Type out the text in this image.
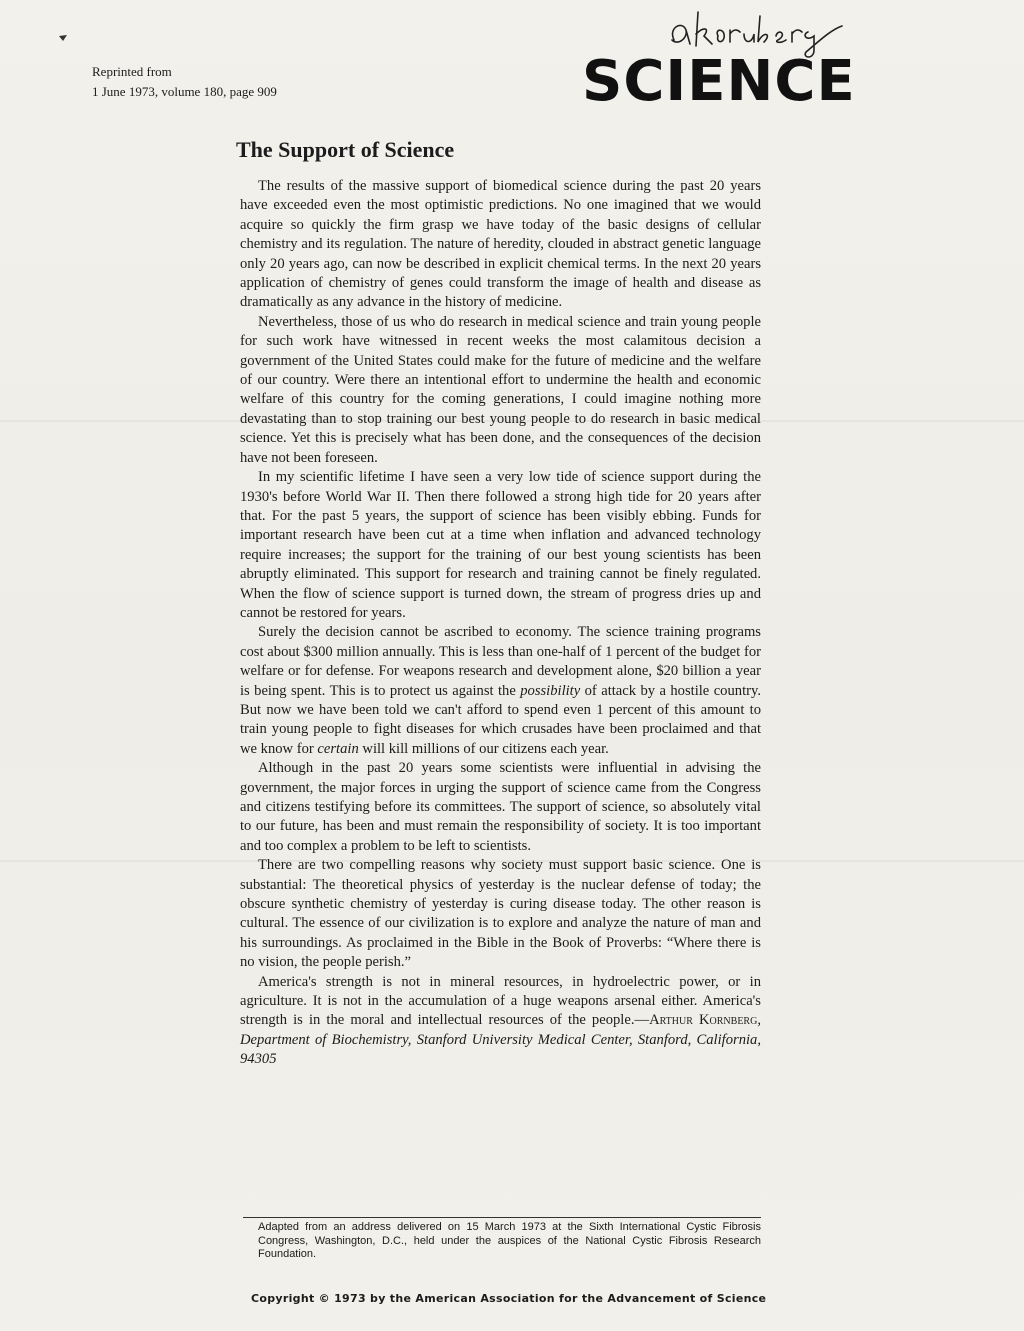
Reprinted from
1 June 1973, volume 180, page 909	SCIENCE
The Support of Science

The results of the massive support of biomedical science during the past 20 years have exceeded even the most optimistic predictions. No one imagined that we would acquire so quickly the firm grasp we have today of the basic designs of cellular chemistry and its regulation. The nature of heredity, clouded in abstract genetic language only 20 years ago, can now be described in explicit chemical terms. In the next 20 years application of chemistry of genes could transform the image of health and disease as dramatically as any advance in the history of medicine.

Nevertheless, those of us who do research in medical science and train young people for such work have witnessed in recent weeks the most calamitous decision a government of the United States could make for the future of medicine and the welfare of our country. Were there an intentional effort to undermine the health and economic welfare of this country for the coming generations, I could imagine nothing more devastating than to stop training our best young people to do research in basic medical science. Yet this is precisely what has been done, and the consequences of the decision have not been foreseen.

In my scientific lifetime I have seen a very low tide of science support during the 1930's before World War II. Then there followed a strong high tide for 20 years after that. For the past 5 years, the support of science has been visibly ebbing. Funds for important research have been cut at a time when inflation and advanced technology require increases; the support for the training of our best young scientists has been abruptly eliminated. This support for research and training cannot be finely regulated. When the flow of science support is turned down, the stream of progress dries up and cannot be restored for years.

Surely the decision cannot be ascribed to economy. The science training programs cost about $300 million annually. This is less than one-half of 1 percent of the budget for welfare or for defense. For weapons research and development alone, $20 billion a year is being spent. This is to protect us against the possibility of attack by a hostile country. But now we have been told we can't afford to spend even 1 percent of this amount to train young people to fight diseases for which crusades have been proclaimed and that we know for certain will kill millions of our citizens each year.

Although in the past 20 years some scientists were influential in advising the government, the major forces in urging the support of science came from the Congress and citizens testifying before its committees. The support of science, so absolutely vital to our future, has been and must remain the responsibility of society. It is too important and too complex a problem to be left to scientists.

There are two compelling reasons why society must support basic science. One is substantial: The theoretical physics of yesterday is the nuclear defense of today; the obscure synthetic chemistry of yesterday is curing disease today. The other reason is cultural. The essence of our civilization is to explore and analyze the nature of man and his surroundings. As proclaimed in the Bible in the Book of Proverbs: “Where there is no vision, the people perish.”

America's strength is not in mineral resources, in hydroelectric power, or in agriculture. It is not in the accumulation of a huge weapons arsenal either. America's strength is in the moral and intellectual resources of the people.—Arthur Kornberg, Department of Biochemistry, Stanford University Medical Center, Stanford, California, 94305

Adapted from an address delivered on 15 March 1973 at the Sixth International Cystic Fibrosis Congress, Washington, D.C., held under the auspices of the National Cystic Fibrosis Research Foundation.
Copyright © 1973 by the American Association for the Advancement of Science
